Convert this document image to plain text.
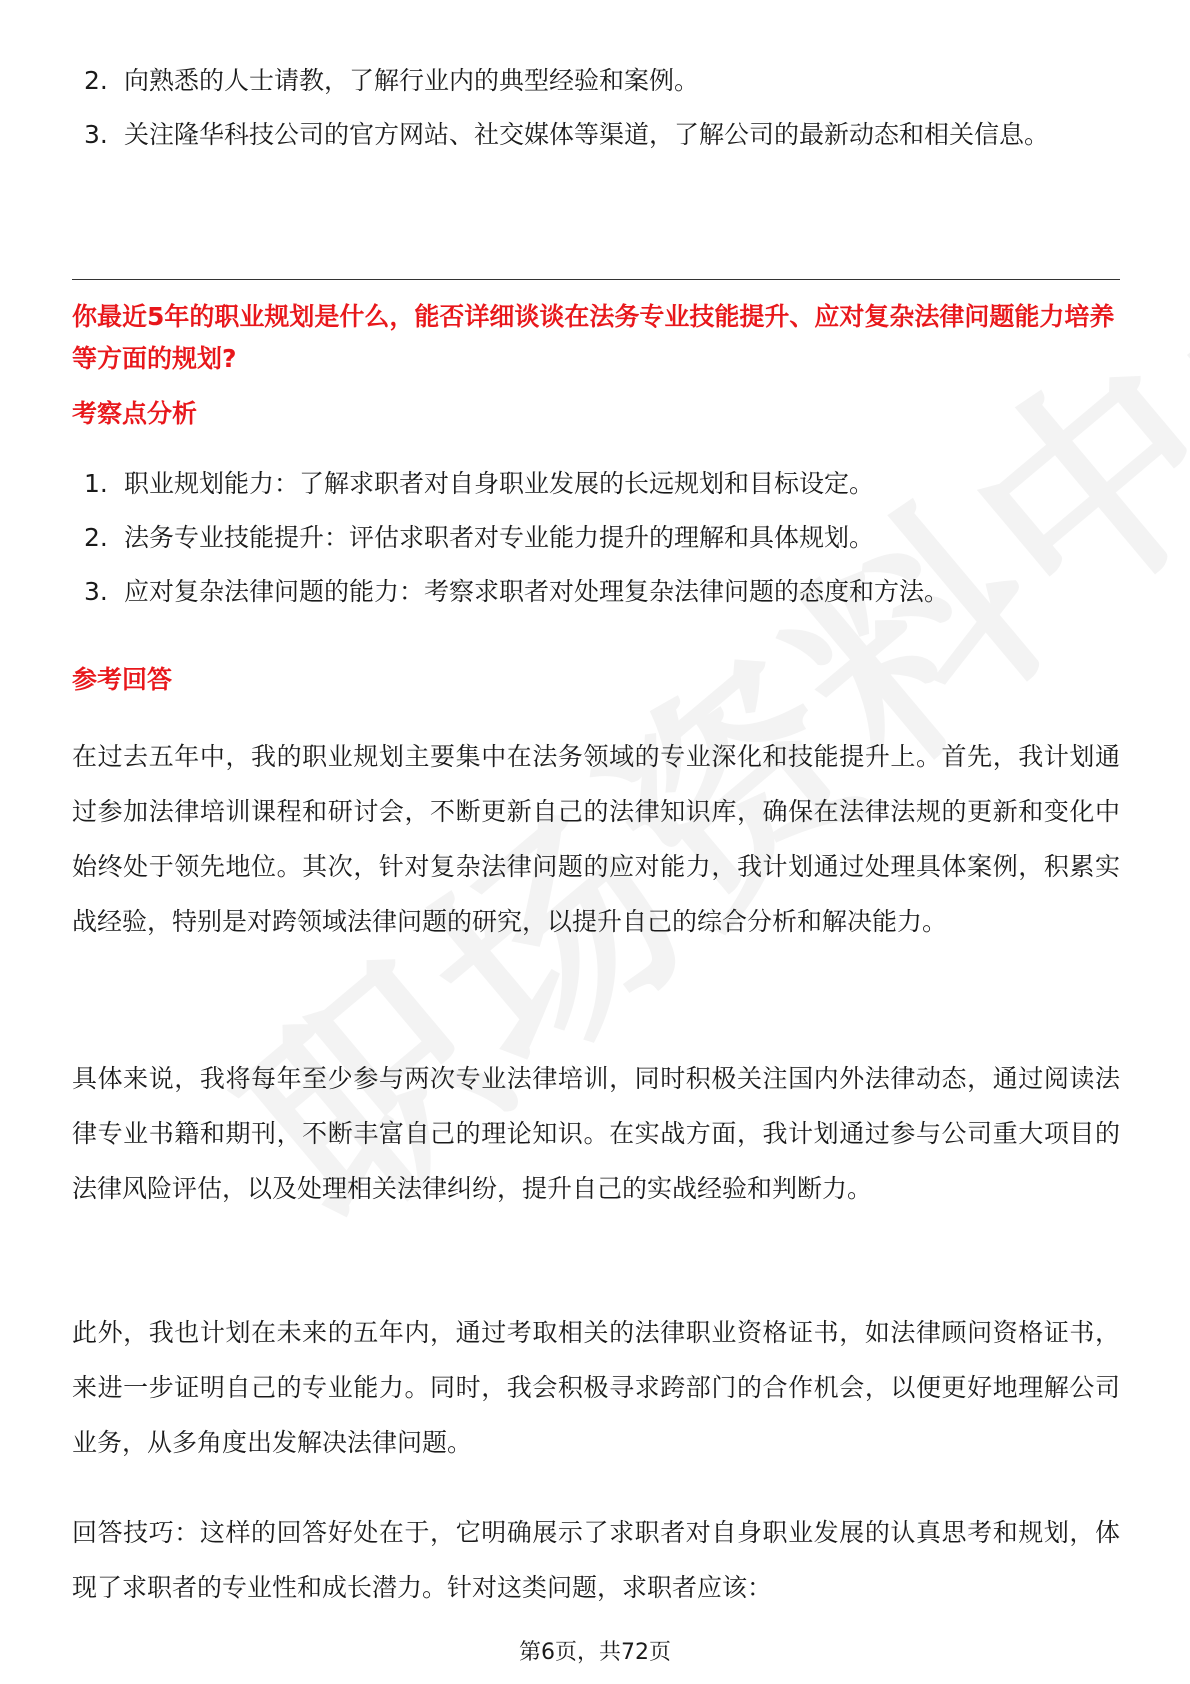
2. 向熟悉的人士请教，了解行业内的典型经验和案例。
3. 关注隆华科技公司的官方网站、社交媒体等渠道，了解公司的最新动态和相关信息。
你最近5年的职业规划是什么，能否详细谈谈在法务专业技能提升、应对复杂法律问题能力培养等方面的规划?
考察点分析
1. 职业规划能力：了解求职者对自身职业发展的长远规划和目标设定。
2. 法务专业技能提升：评估求职者对专业能力提升的理解和具体规划。
3. 应对复杂法律问题的能力：考察求职者对处理复杂法律问题的态度和方法。
参考回答

在过去五年中，我的职业规划主要集中在法务领域的专业深化和技能提升上。首先，我计划通过参加法律培训课程和研讨会，不断更新自己的法律知识库，确保在法律法规的更新和变化中始终处于领先地位。其次，针对复杂法律问题的应对能力，我计划通过处理具体案例，积累实战经验，特别是对跨领域法律问题的研究，以提升自己的综合分析和解决能力。

具体来说，我将每年至少参与两次专业法律培训，同时积极关注国内外法律动态，通过阅读法律专业书籍和期刊，不断丰富自己的理论知识。在实战方面，我计划通过参与公司重大项目的法律风险评估，以及处理相关法律纠纷，提升自己的实战经验和判断力。

此外，我也计划在未来的五年内，通过考取相关的法律职业资格证书，如法律顾问资格证书，来进一步证明自己的专业能力。同时，我会积极寻求跨部门的合作机会，以便更好地理解公司业务，从多角度出发解决法律问题。

回答技巧：这样的回答好处在于，它明确展示了求职者对自身职业发展的认真思考和规划，体现了求职者的专业性和成长潜力。针对这类问题，求职者应该：

第6页，共72页
